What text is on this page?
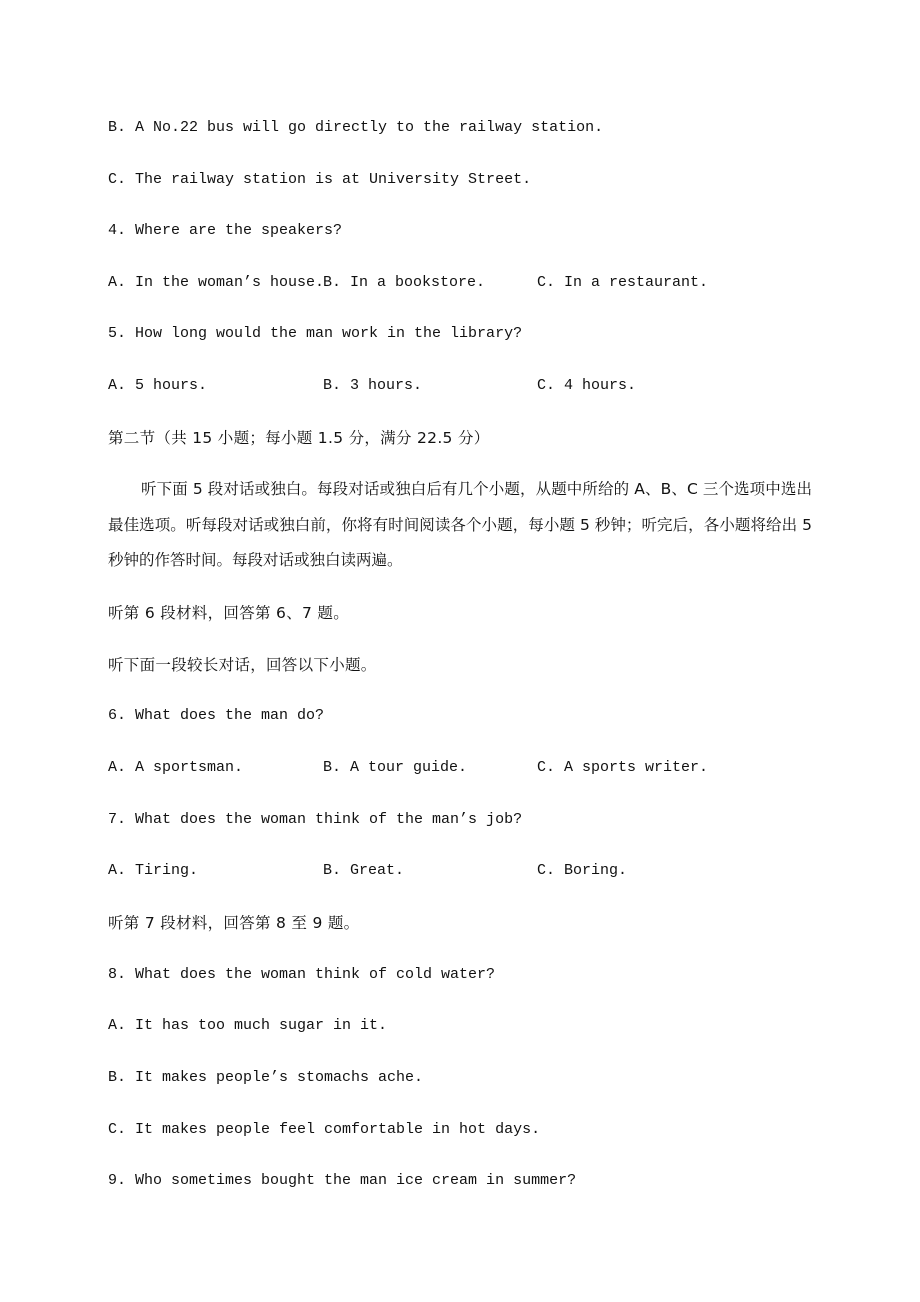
B. A No.22 bus will go directly to the railway station.
C. The railway station is at University Street.
4. Where are the speakers?
A. In the woman’s house.
B. In a bookstore.	C. In a restaurant.
5. How long would the man work in the library?
A. 5 hours.	B. 3 hours.	C. 4 hours.
第二节（共 15 小题；每小题 1.5 分，满分 22.5 分）
听下面 5 段对话或独白。每段对话或独白后有几个小题，从题中所给的 A、B、C 三个选项中选出最佳选项。听每段对话或独白前，你将有时间阅读各个小题，每小题 5 秒钟；听完后，各小题将给出 5 秒钟的作答时间。每段对话或独白读两遍。
听第 6 段材料，回答第 6、7 题。
听下面一段较长对话，回答以下小题。
6. What does the man do?
A. A sportsman.	B. A tour guide.	C. A sports writer.
7. What does the woman think of the man’s job?
A. Tiring.	B. Great.	C. Boring.
听第 7 段材料，回答第 8 至 9 题。
8. What does the woman think of cold water?
A. It has too much sugar in it.
B. It makes people’s stomachs ache.
C. It makes people feel comfortable in hot days.
9. Who sometimes bought the man ice cream in summer?
